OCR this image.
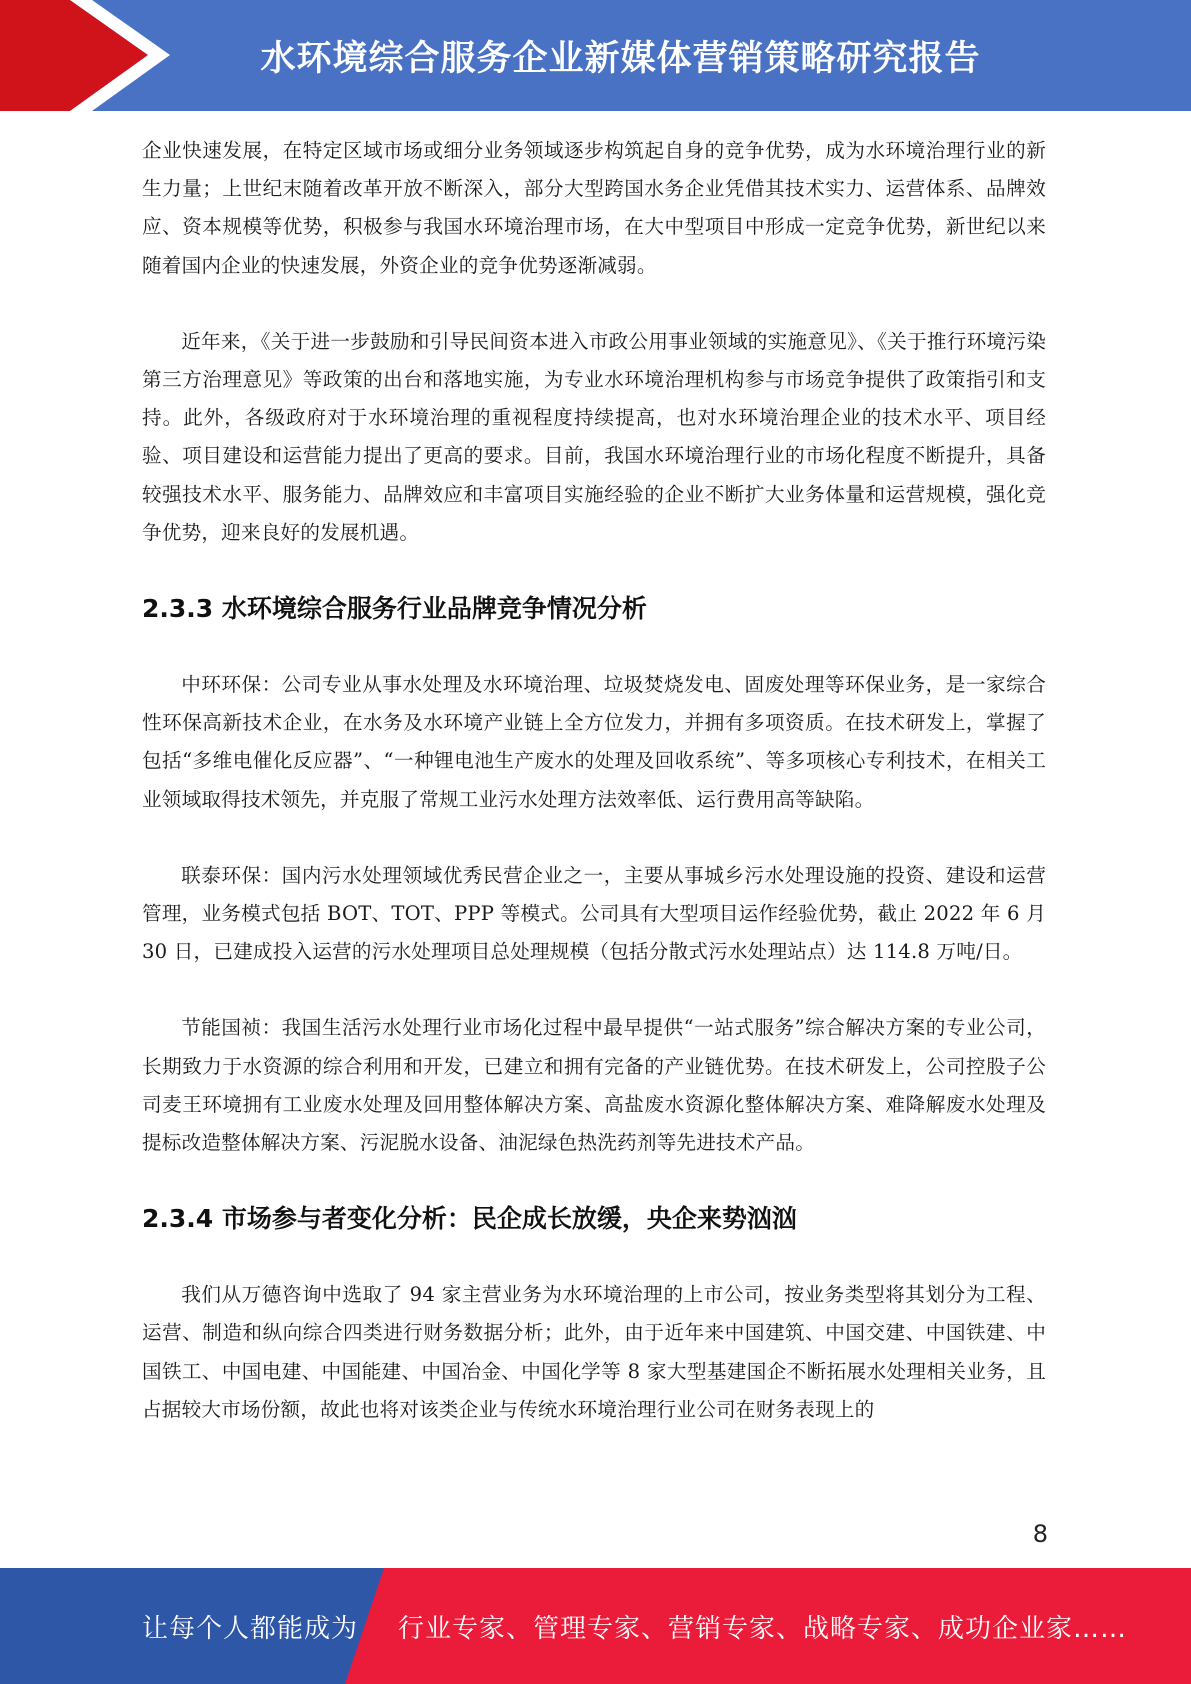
水环境综合服务企业新媒体营销策略研究报告

企业快速发展，在特定区域市场或细分业务领域逐步构筑起自身的竞争优势，成为水环境治理行业的新生力量；上世纪末随着改革开放不断深入，部分大型跨国水务企业凭借其技术实力、运营体系、品牌效应、资本规模等优势，积极参与我国水环境治理市场，在大中型项目中形成一定竞争优势，新世纪以来随着国内企业的快速发展，外资企业的竞争优势逐渐减弱。

近年来，《关于进一步鼓励和引导民间资本进入市政公用事业领域的实施意见》、《关于推行环境污染第三方治理意见》等政策的出台和落地实施，为专业水环境治理机构参与市场竞争提供了政策指引和支持。此外，各级政府对于水环境治理的重视程度持续提高，也对水环境治理企业的技术水平、项目经验、项目建设和运营能力提出了更高的要求。目前，我国水环境治理行业的市场化程度不断提升，具备较强技术水平、服务能力、品牌效应和丰富项目实施经验的企业不断扩大业务体量和运营规模，强化竞争优势，迎来良好的发展机遇。

2.3.3 水环境综合服务行业品牌竞争情况分析

中环环保：公司专业从事水处理及水环境治理、垃圾焚烧发电、固废处理等环保业务，是一家综合性环保高新技术企业，在水务及水环境产业链上全方位发力，并拥有多项资质。在技术研发上，掌握了包括“多维电催化反应器”、“一种锂电池生产废水的处理及回收系统”、等多项核心专利技术，在相关工业领域取得技术领先，并克服了常规工业污水处理方法效率低、运行费用高等缺陷。

联泰环保：国内污水处理领域优秀民营企业之一，主要从事城乡污水处理设施的投资、建设和运营管理，业务模式包括 BOT、TOT、PPP 等模式。公司具有大型项目运作经验优势，截止 2022 年 6 月 30 日，已建成投入运营的污水处理项目总处理规模（包括分散式污水处理站点）达 114.8 万吨/日。

节能国祯：我国生活污水处理行业市场化过程中最早提供“一站式服务”综合解决方案的专业公司，长期致力于水资源的综合利用和开发，已建立和拥有完备的产业链优势。在技术研发上，公司控股子公司麦王环境拥有工业废水处理及回用整体解决方案、高盐废水资源化整体解决方案、难降解废水处理及提标改造整体解决方案、污泥脱水设备、油泥绿色热洗药剂等先进技术产品。

2.3.4 市场参与者变化分析：民企成长放缓，央企来势汹汹

我们从万德咨询中选取了 94 家主营业务为水环境治理的上市公司，按业务类型将其划分为工程、运营、制造和纵向综合四类进行财务数据分析；此外，由于近年来中国建筑、中国交建、中国铁建、中国铁工、中国电建、中国能建、中国冶金、中国化学等 8 家大型基建国企不断拓展水处理相关业务，且占据较大市场份额，故此也将对该类企业与传统水环境治理行业公司在财务表现上的

8
让每个人都能成为 行业专家、管理专家、营销专家、战略专家、成功企业家……
